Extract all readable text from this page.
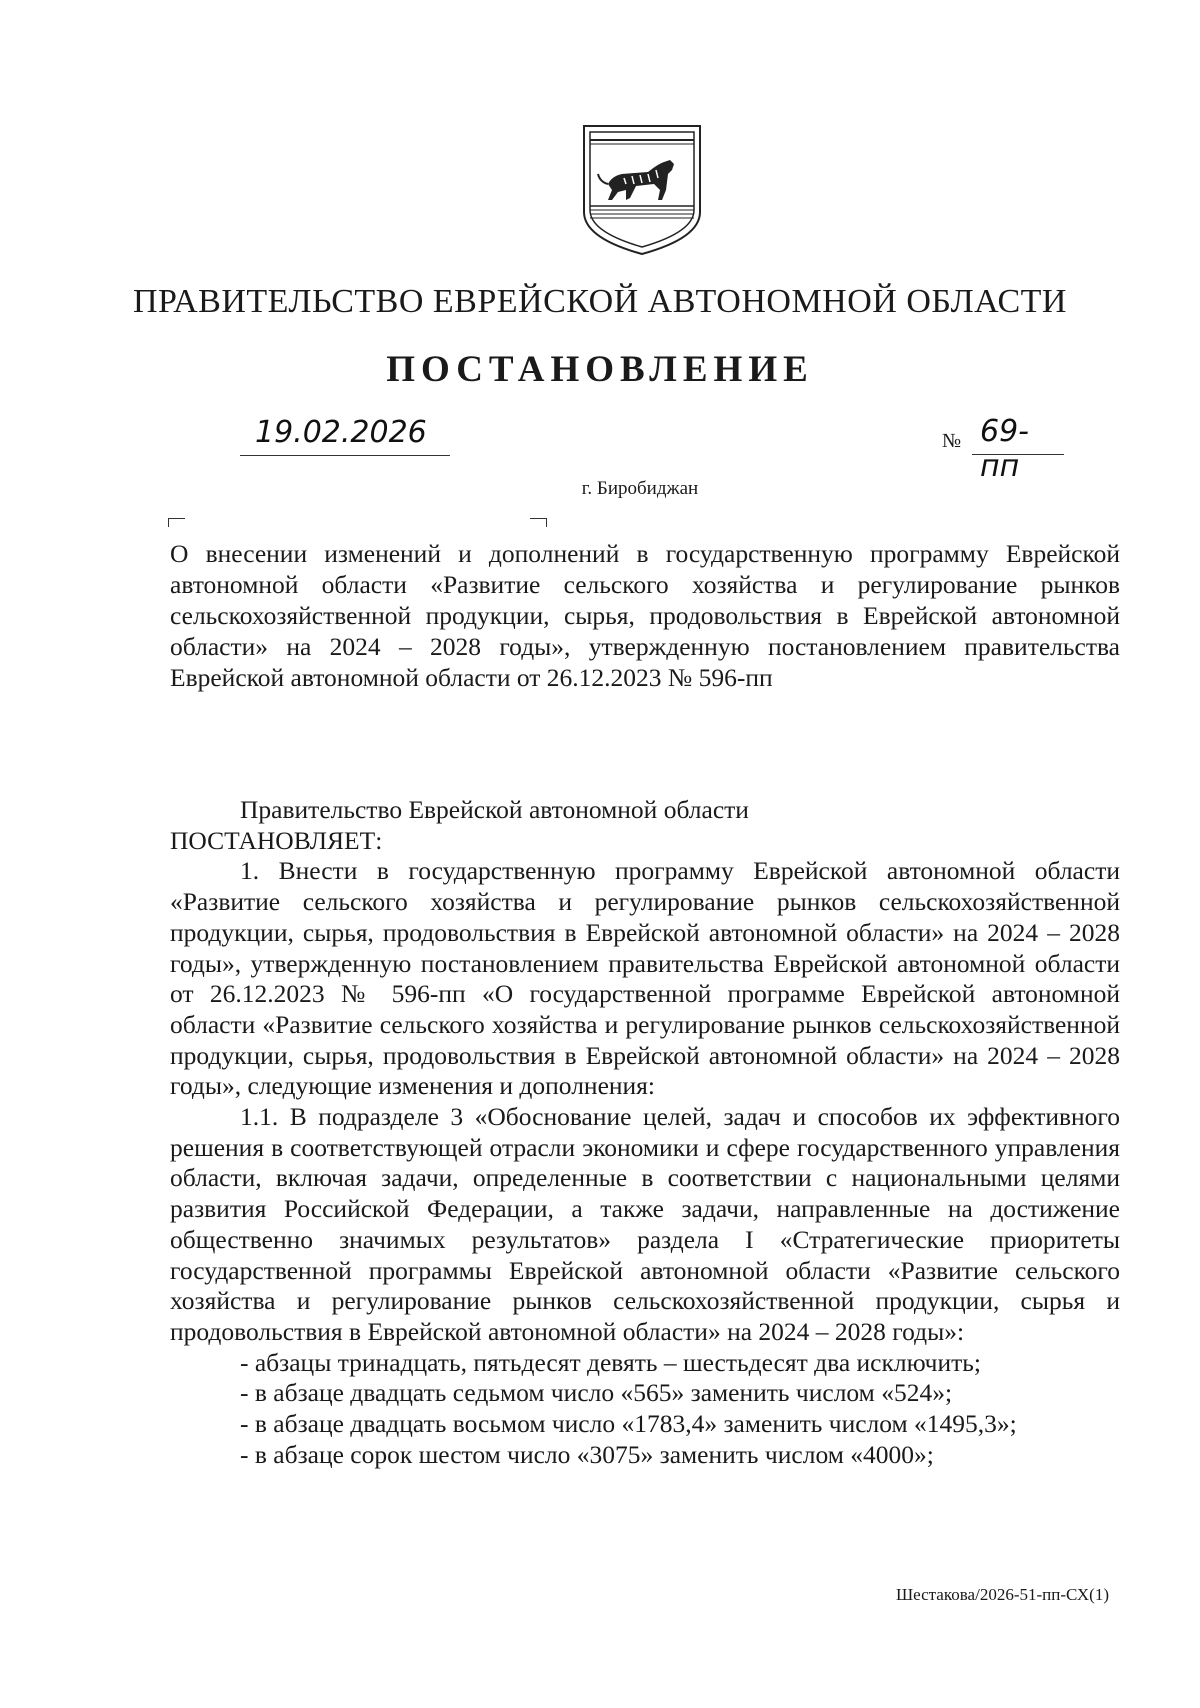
ПРАВИТЕЛЬСТВО ЕВРЕЙСКОЙ АВТОНОМНОЙ ОБЛАСТИ
ПОСТАНОВЛЕНИЕ
19.02.2026	№ 69-пп
г. Биробиджан
О внесении изменений и дополнений в государственную программу Еврейской автономной области «Развитие сельского хозяйства и регулирование рынков сельскохозяйственной продукции, сырья, продовольствия в Еврейской автономной области» на 2024 – 2028 годы», утвержденную постановлением правительства Еврейской автономной области от 26.12.2023 № 596-пп

Правительство Еврейской автономной области

ПОСТАНОВЛЯЕТ:

1. Внести в государственную программу Еврейской автономной области «Развитие сельского хозяйства и регулирование рынков сельскохозяйственной продукции, сырья, продовольствия в Еврейской автономной области» на 2024 – 2028 годы», утвержденную постановлением правительства Еврейской автономной области от 26.12.2023 № 596-пп «О государственной программе Еврейской автономной области «Развитие сельского хозяйства и регулирование рынков сельскохозяйственной продукции, сырья, продовольствия в Еврейской автономной области» на 2024 – 2028 годы», следующие изменения и дополнения:

1.1. В подразделе 3 «Обоснование целей, задач и способов их эффективного решения в соответствующей отрасли экономики и сфере государственного управления области, включая задачи, определенные в соответствии с национальными целями развития Российской Федерации, а также задачи, направленные на достижение общественно значимых результатов» раздела I «Стратегические приоритеты государственной программы Еврейской автономной области «Развитие сельского хозяйства и регулирование рынков сельскохозяйственной продукции, сырья и продовольствия в Еврейской автономной области» на 2024 – 2028 годы»:

- абзацы тринадцать, пятьдесят девять – шестьдесят два исключить;

- в абзаце двадцать седьмом число «565» заменить числом «524»;

- в абзаце двадцать восьмом число «1783,4» заменить числом «1495,3»;

- в абзаце сорок шестом число «3075» заменить числом «4000»;

Шестакова/2026-51-пп-СХ(1)
